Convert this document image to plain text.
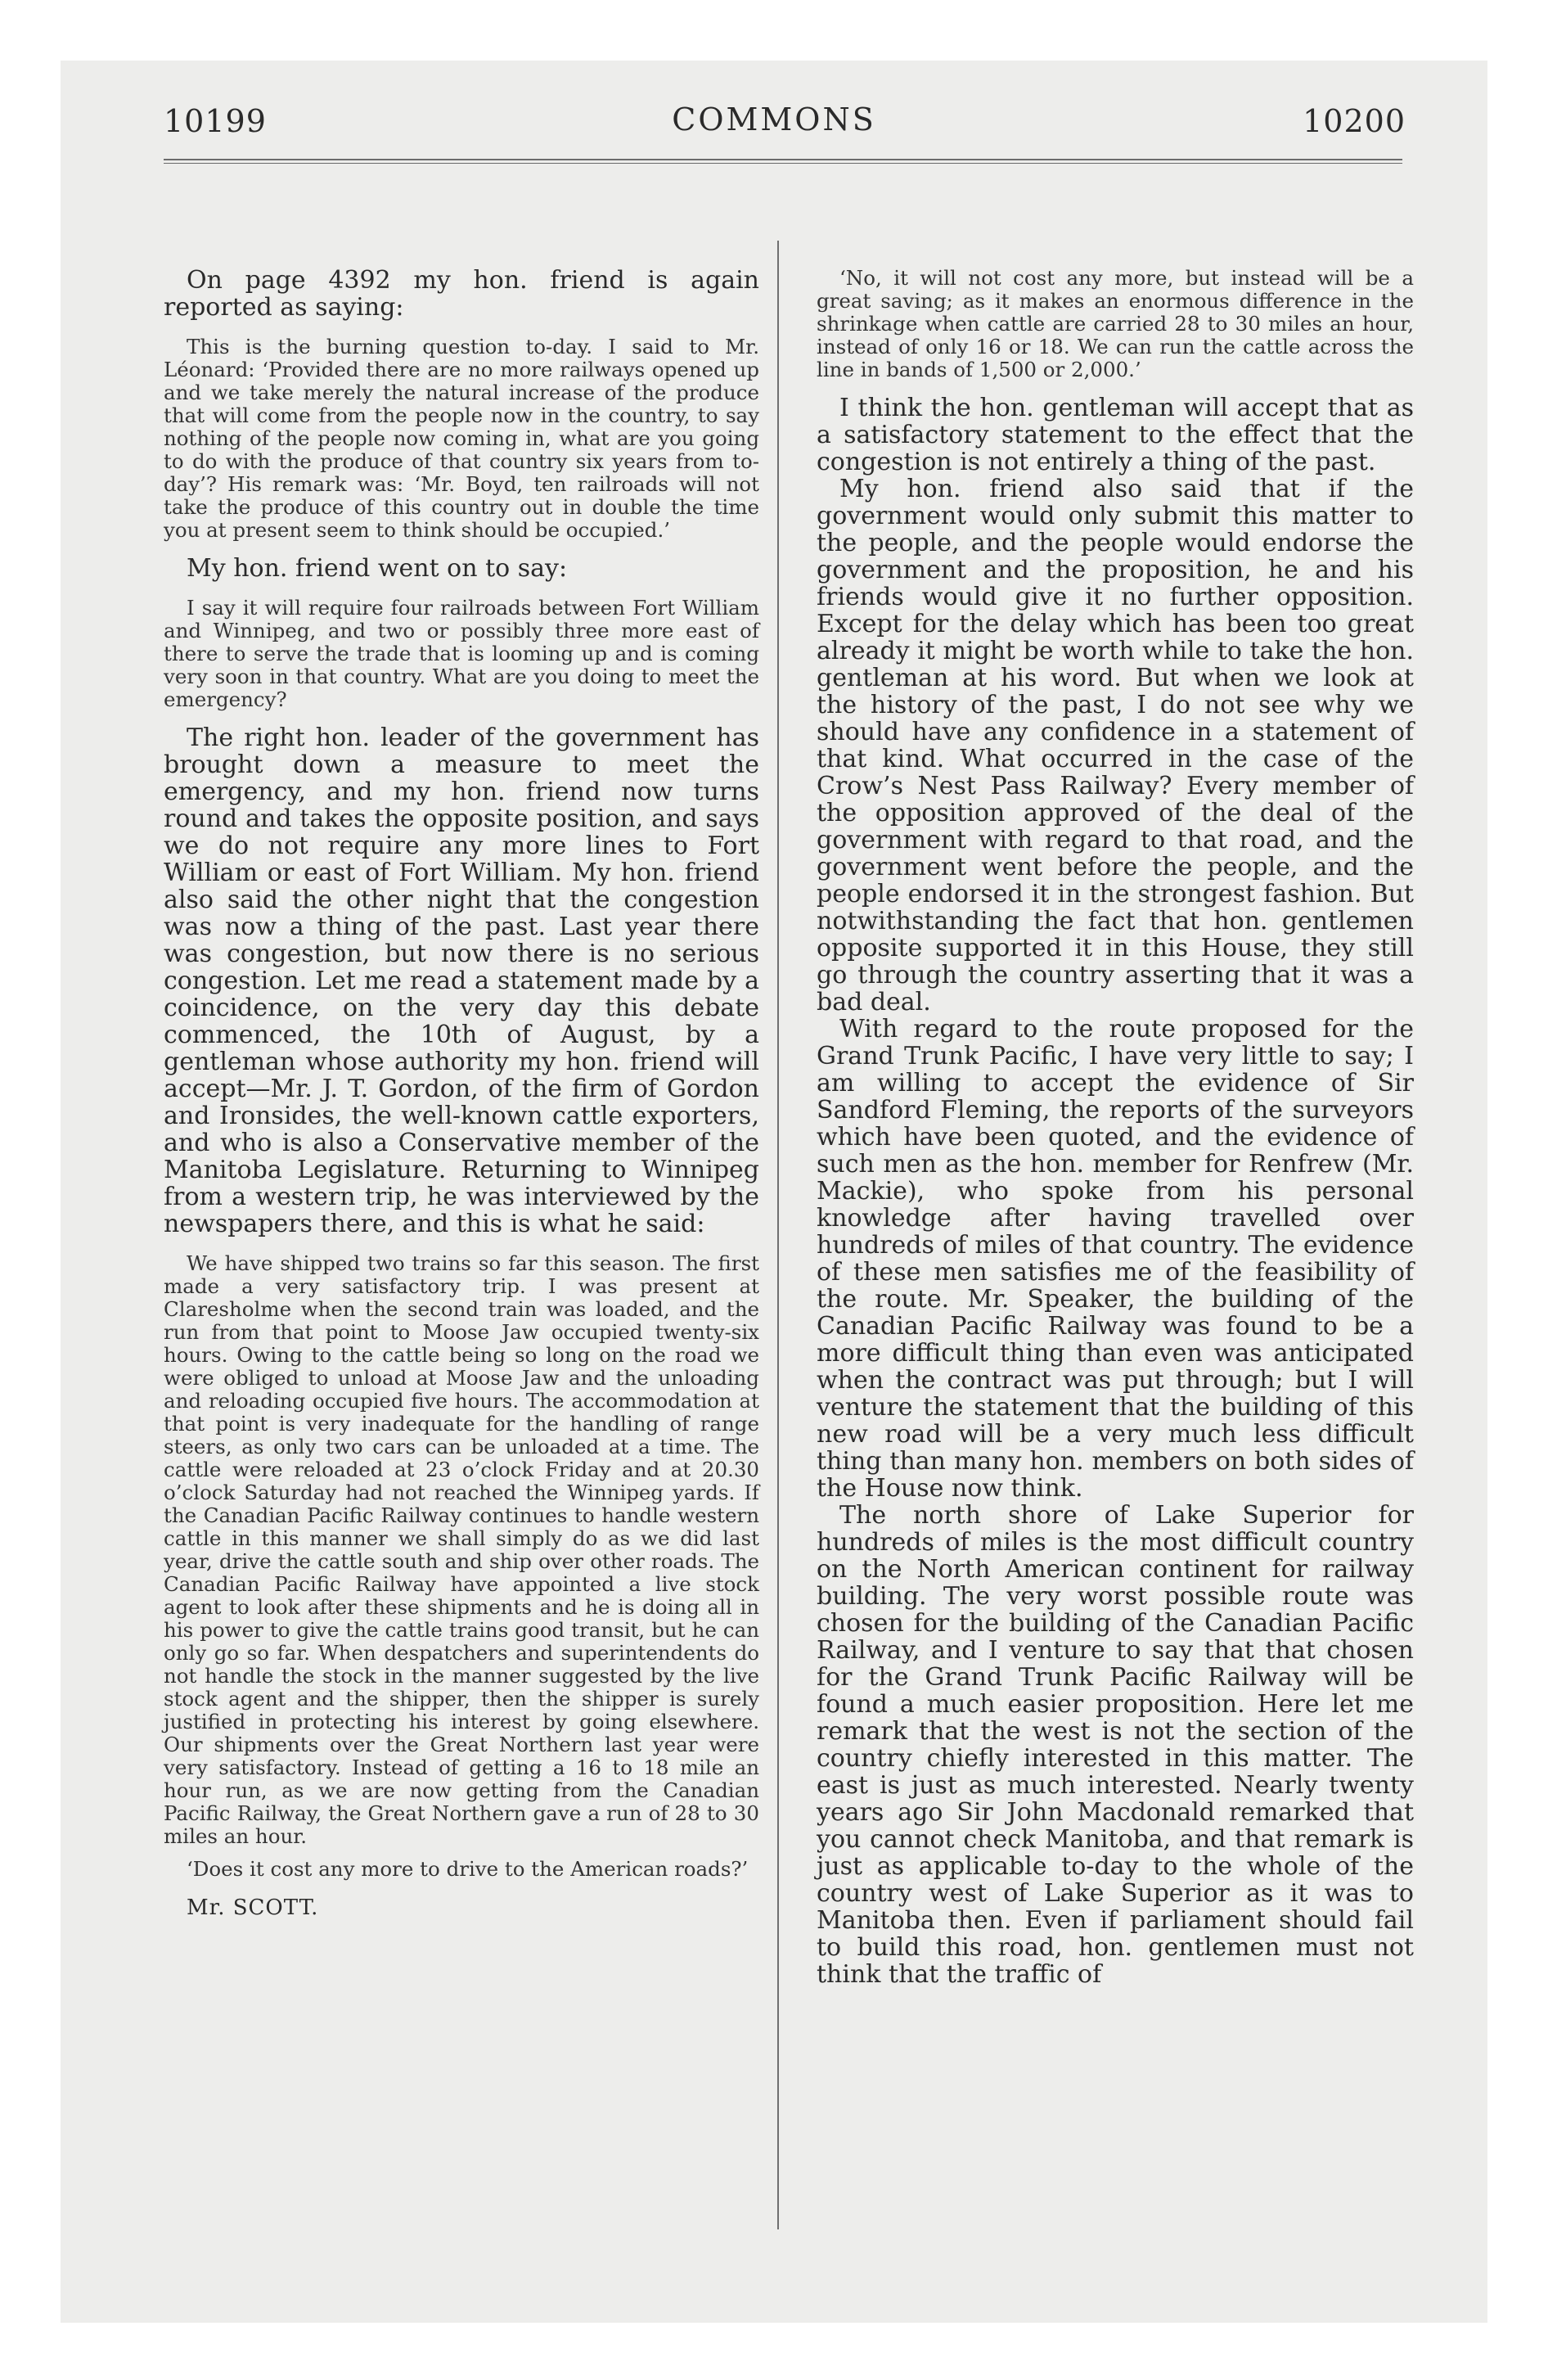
10199	COMMONS	10200

On page 4392 my hon. friend is again reported as saying:

This is the burning question to-day. I said to Mr. Léonard: ‘Provided there are no more railways opened up and we take merely the natural increase of the produce that will come from the people now in the country, to say nothing of the people now coming in, what are you going to do with the produce of that country six years from to-day’? His remark was: ‘Mr. Boyd, ten railroads will not take the produce of this country out in double the time you at present seem to think should be occupied.’

My hon. friend went on to say:

I say it will require four railroads between Fort William and Winnipeg, and two or possibly three more east of there to serve the trade that is looming up and is coming very soon in that country. What are you doing to meet the emergency?

The right hon. leader of the government has brought down a measure to meet the emergency, and my hon. friend now turns round and takes the opposite position, and says we do not require any more lines to Fort William or east of Fort William. My hon. friend also said the other night that the congestion was now a thing of the past. Last year there was congestion, but now there is no serious congestion. Let me read a statement made by a coincidence, on the very day this debate commenced, the 10th of August, by a gentleman whose authority my hon. friend will accept—Mr. J. T. Gordon, of the firm of Gordon and Ironsides, the well-known cattle exporters, and who is also a Conservative member of the Manitoba Legislature. Returning to Winnipeg from a western trip, he was interviewed by the newspapers there, and this is what he said:

We have shipped two trains so far this season. The first made a very satisfactory trip. I was present at Claresholme when the second train was loaded, and the run from that point to Moose Jaw occupied twenty-six hours. Owing to the cattle being so long on the road we were obliged to unload at Moose Jaw and the unloading and reloading occupied five hours. The accommodation at that point is very inadequate for the handling of range steers, as only two cars can be unloaded at a time. The cattle were reloaded at 23 o’clock Friday and at 20.30 o’clock Saturday had not reached the Winnipeg yards. If the Canadian Pacific Railway continues to handle western cattle in this manner we shall simply do as we did last year, drive the cattle south and ship over other roads. The Canadian Pacific Railway have appointed a live stock agent to look after these shipments and he is doing all in his power to give the cattle trains good transit, but he can only go so far. When despatchers and superintendents do not handle the stock in the manner suggested by the live stock agent and the shipper, then the shipper is surely justified in protecting his interest by going elsewhere. Our shipments over the Great Northern last year were very satisfactory. Instead of getting a 16 to 18 mile an hour run, as we are now getting from the Canadian Pacific Railway, the Great Northern gave a run of 28 to 30 miles an hour.

‘Does it cost any more to drive to the American roads?’

Mr. SCOTT.

‘No, it will not cost any more, but instead will be a great saving; as it makes an enormous difference in the shrinkage when cattle are carried 28 to 30 miles an hour, instead of only 16 or 18. We can run the cattle across the line in bands of 1,500 or 2,000.’

I think the hon. gentleman will accept that as a satisfactory statement to the effect that the congestion is not entirely a thing of the past.

My hon. friend also said that if the government would only submit this matter to the people, and the people would endorse the government and the proposition, he and his friends would give it no further opposition. Except for the delay which has been too great already it might be worth while to take the hon. gentleman at his word. But when we look at the history of the past, I do not see why we should have any confidence in a statement of that kind. What occurred in the case of the Crow’s Nest Pass Railway? Every member of the opposition approved of the deal of the government with regard to that road, and the government went before the people, and the people endorsed it in the strongest fashion. But notwithstanding the fact that hon. gentlemen opposite supported it in this House, they still go through the country asserting that it was a bad deal.

With regard to the route proposed for the Grand Trunk Pacific, I have very little to say; I am willing to accept the evidence of Sir Sandford Fleming, the reports of the surveyors which have been quoted, and the evidence of such men as the hon. member for Renfrew (Mr. Mackie), who spoke from his personal knowledge after having travelled over hundreds of miles of that country. The evidence of these men satisfies me of the feasibility of the route. Mr. Speaker, the building of the Canadian Pacific Railway was found to be a more difficult thing than even was anticipated when the contract was put through; but I will venture the statement that the building of this new road will be a very much less difficult thing than many hon. members on both sides of the House now think.

The north shore of Lake Superior for hundreds of miles is the most difficult country on the North American continent for railway building. The very worst possible route was chosen for the building of the Canadian Pacific Railway, and I venture to say that that chosen for the Grand Trunk Pacific Railway will be found a much easier proposition. Here let me remark that the west is not the section of the country chiefly interested in this matter. The east is just as much interested. Nearly twenty years ago Sir John Macdonald remarked that you cannot check Manitoba, and that remark is just as applicable to-day to the whole of the country west of Lake Superior as it was to Manitoba then. Even if parliament should fail to build this road, hon. gentlemen must not think that the traffic of
